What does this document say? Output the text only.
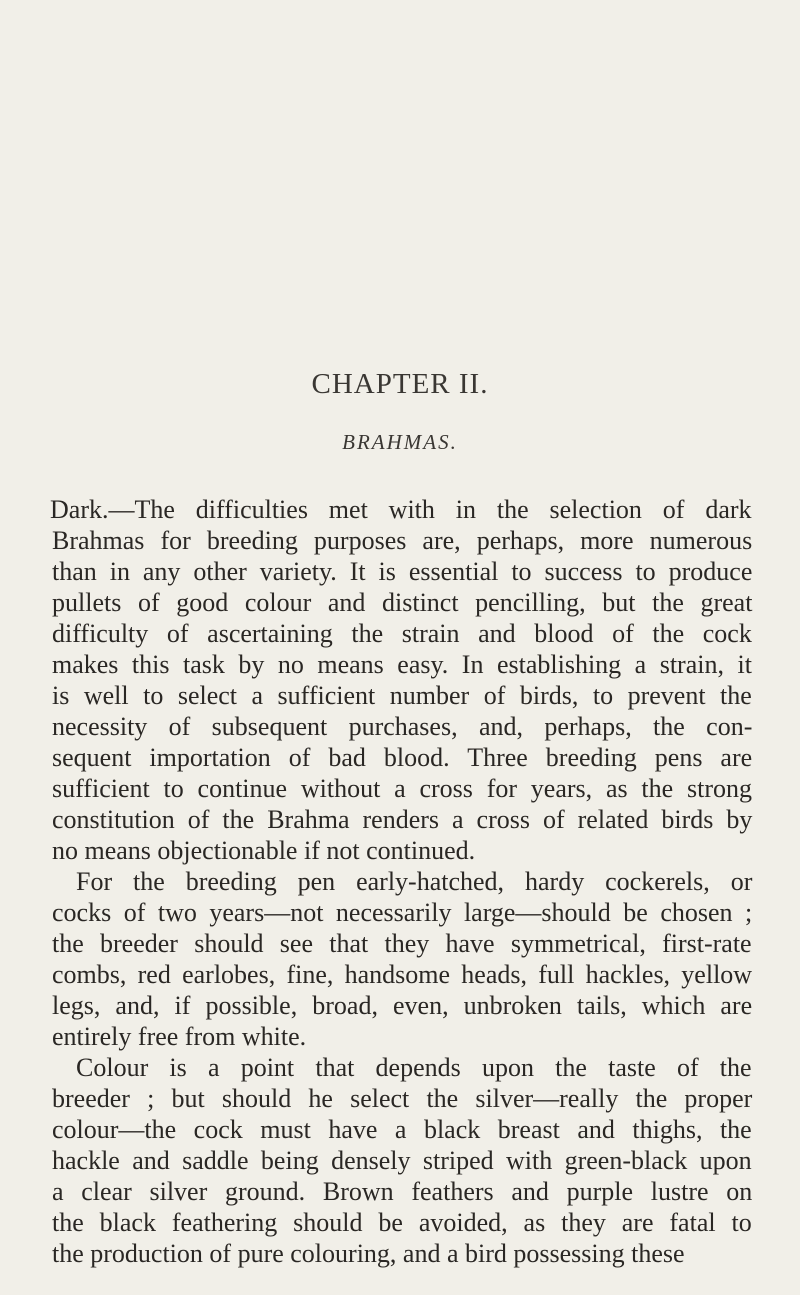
CHAPTER II.
BRAHMAS.
Dark.—The difficulties met with in the selection of dark
Brahmas for breeding purposes are, perhaps, more numerous
than in any other variety. It is essential to success to produce
pullets of good colour and distinct pencilling, but the great
difficulty of ascertaining the strain and blood of the cock
makes this task by no means easy. In establishing a strain, it
is well to select a sufficient number of birds, to prevent the
necessity of subsequent purchases, and, perhaps, the con-
sequent importation of bad blood. Three breeding pens are
sufficient to continue without a cross for years, as the strong
constitution of the Brahma renders a cross of related birds by
no means objectionable if not continued.
For the breeding pen early-hatched, hardy cockerels, or
cocks of two years—not necessarily large—should be chosen ;
the breeder should see that they have symmetrical, first-rate
combs, red earlobes, fine, handsome heads, full hackles, yellow
legs, and, if possible, broad, even, unbroken tails, which are
entirely free from white.
Colour is a point that depends upon the taste of the
breeder ; but should he select the silver—really the proper
colour—the cock must have a black breast and thighs, the
hackle and saddle being densely striped with green-black upon
a clear silver ground. Brown feathers and purple lustre on
the black feathering should be avoided, as they are fatal to
the production of pure colouring, and a bird possessing these
